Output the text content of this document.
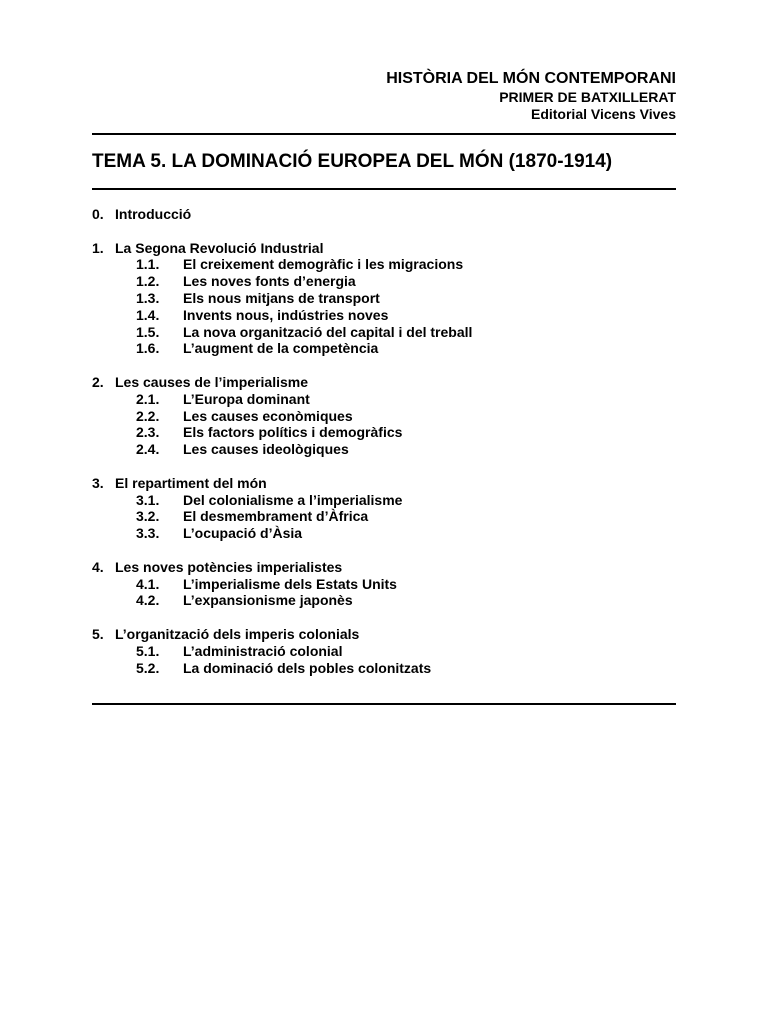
HISTÒRIA DEL MÓN CONTEMPORANI
PRIMER DE BATXILLERAT
Editorial Vicens Vives
TEMA 5. LA DOMINACIÓ EUROPEA DEL MÓN (1870-1914)
0. Introducció
1. La Segona Revolució Industrial
1.1.	El creixement demogràfic i les migracions
1.2.	Les noves fonts d’energia
1.3.	Els nous mitjans de transport
1.4.	Invents nous, indústries noves
1.5.	La nova organització del capital i del treball
1.6.	L’augment de la competència
2. Les causes de l’imperialisme
2.1.	L’Europa dominant
2.2.	Les causes econòmiques
2.3.	Els factors polítics i demogràfics
2.4.	Les causes ideològiques
3. El repartiment del món
3.1.	Del colonialisme a l’imperialisme
3.2.	El desmembrament d’Àfrica
3.3.	L’ocupació d’Àsia
4. Les noves potències imperialistes
4.1.	L’imperialisme dels Estats Units
4.2.	L’expansionisme japonès
5. L’organització dels imperis colonials
5.1.	L’administració colonial
5.2.	La dominació dels pobles colonitzats
